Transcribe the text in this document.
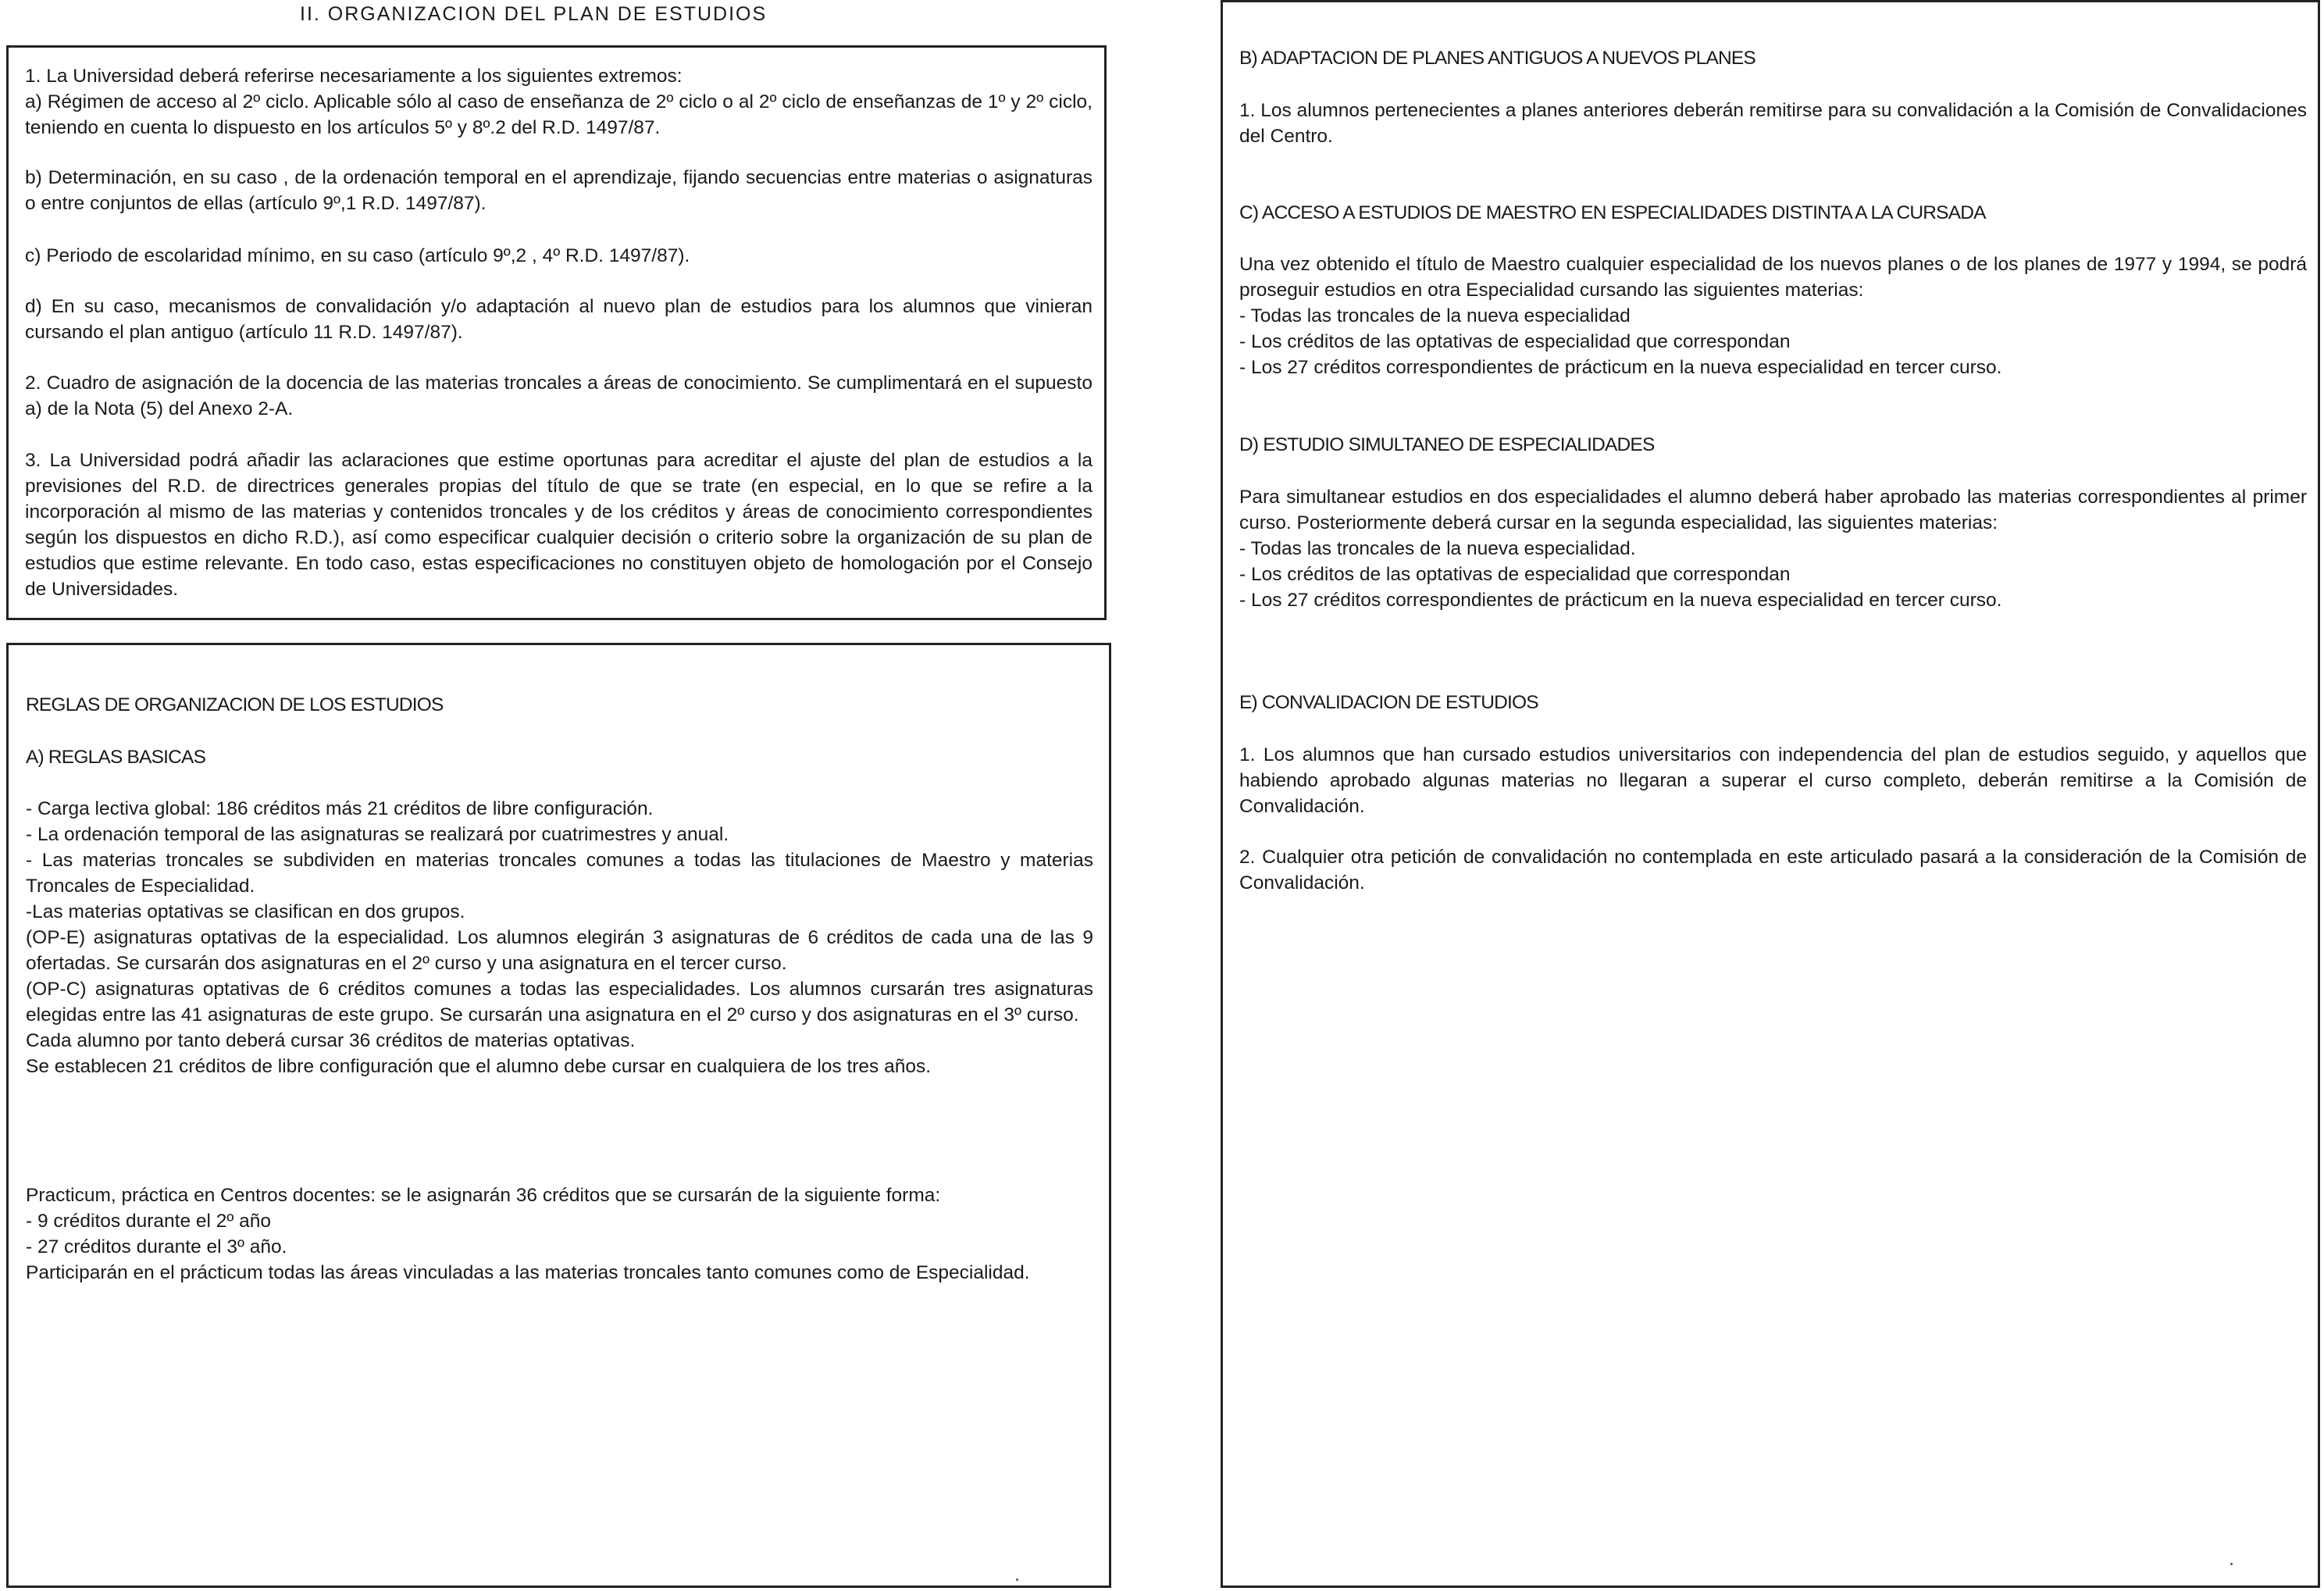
II. ORGANIZACION DEL PLAN DE ESTUDIOS

1. La Universidad deberá referirse necesariamente a los siguientes extremos:

a) Régimen de acceso al 2º ciclo. Aplicable sólo al caso de enseñanza de 2º ciclo o al 2º ciclo de enseñanzas de 1º y 2º ciclo, teniendo en cuenta lo dispuesto en los artículos 5º y 8º.2 del R.D. 1497/87.

b) Determinación, en su caso , de la ordenación temporal en el aprendizaje, fijando secuencias entre materias o asignaturas o entre conjuntos de ellas (artículo 9º,1 R.D. 1497/87).

c) Periodo de escolaridad mínimo, en su caso (artículo 9º,2 , 4º R.D. 1497/87).

d) En su caso, mecanismos de convalidación y/o adaptación al nuevo plan de estudios para los alumnos que vinieran cursando el plan antiguo (artículo 11 R.D. 1497/87).

2. Cuadro de asignación de la docencia de las materias troncales a áreas de conocimiento. Se cumplimentará en el supuesto a) de la Nota (5) del Anexo 2-A.

3. La Universidad podrá añadir las aclaraciones que estime oportunas para acreditar el ajuste del plan de estudios a la previsiones del R.D. de directrices generales propias del título de que se trate (en especial, en lo que se refire a la incorporación al mismo de las materias y contenidos troncales y de los créditos y áreas de conocimiento correspondientes según los dispuestos en dicho R.D.), así como especificar cualquier decisión o criterio sobre la organización de su plan de estudios que estime relevante. En todo caso, estas especificaciones no constituyen objeto de homologación por el Consejo de Universidades.

REGLAS DE ORGANIZACION DE LOS ESTUDIOS

A) REGLAS BASICAS

- Carga lectiva global: 186 créditos más 21 créditos de libre configuración.
- La ordenación temporal de las asignaturas se realizará por cuatrimestres y anual.
- Las materias troncales se subdividen en materias troncales comunes a todas las titulaciones de Maestro y materias Troncales de Especialidad.
-Las materias optativas se clasifican en dos grupos.
(OP-E) asignaturas optativas de la especialidad. Los alumnos elegirán 3 asignaturas de 6 créditos de cada una de las 9 ofertadas. Se cursarán dos asignaturas en el 2º curso y una asignatura en el tercer curso.
(OP-C) asignaturas optativas de 6 créditos comunes a todas las especialidades. Los alumnos cursarán tres asignaturas elegidas entre las 41 asignaturas de este grupo. Se cursarán una asignatura en el 2º curso y dos asignaturas en el 3º curso.
Cada alumno por tanto deberá cursar 36 créditos de materias optativas.
Se establecen 21 créditos de libre configuración que el alumno debe cursar en cualquiera de los tres años.

Practicum, práctica en Centros docentes: se le asignarán 36 créditos que se cursarán de la siguiente forma:
- 9 créditos durante el 2º año
- 27 créditos durante el 3º año.
Participarán en el prácticum todas las áreas vinculadas a las materias troncales tanto comunes como de Especialidad.

B) ADAPTACION DE PLANES ANTIGUOS A NUEVOS PLANES

1. Los alumnos pertenecientes a planes anteriores deberán remitirse para su convalidación a la Comisión de Convalidaciones del Centro.

C) ACCESO A ESTUDIOS DE MAESTRO EN ESPECIALIDADES DISTINTA A LA CURSADA

Una vez obtenido el título de Maestro cualquier especialidad de los nuevos planes o de los planes de 1977 y 1994, se podrá proseguir estudios en otra Especialidad cursando las siguientes materias:
- Todas las troncales de la nueva especialidad
- Los créditos de las optativas de especialidad que correspondan
- Los 27 créditos correspondientes de prácticum en la nueva especialidad en tercer curso.

D) ESTUDIO SIMULTANEO DE ESPECIALIDADES

Para simultanear estudios en dos especialidades el alumno deberá haber aprobado las materias correspondientes al primer curso. Posteriormente deberá cursar en la segunda especialidad, las siguientes materias:
- Todas las troncales de la nueva especialidad.
- Los créditos de las optativas de especialidad que correspondan
- Los 27 créditos correspondientes de prácticum en la nueva especialidad en tercer curso.

E) CONVALIDACION DE ESTUDIOS

1. Los alumnos que han cursado estudios universitarios con independencia del plan de estudios seguido, y aquellos que habiendo aprobado algunas materias no llegaran a superar el curso completo, deberán remitirse a la Comisión de Convalidación.

2. Cualquier otra petición de convalidación no contemplada en este articulado pasará a la consideración de la Comisión de Convalidación.
